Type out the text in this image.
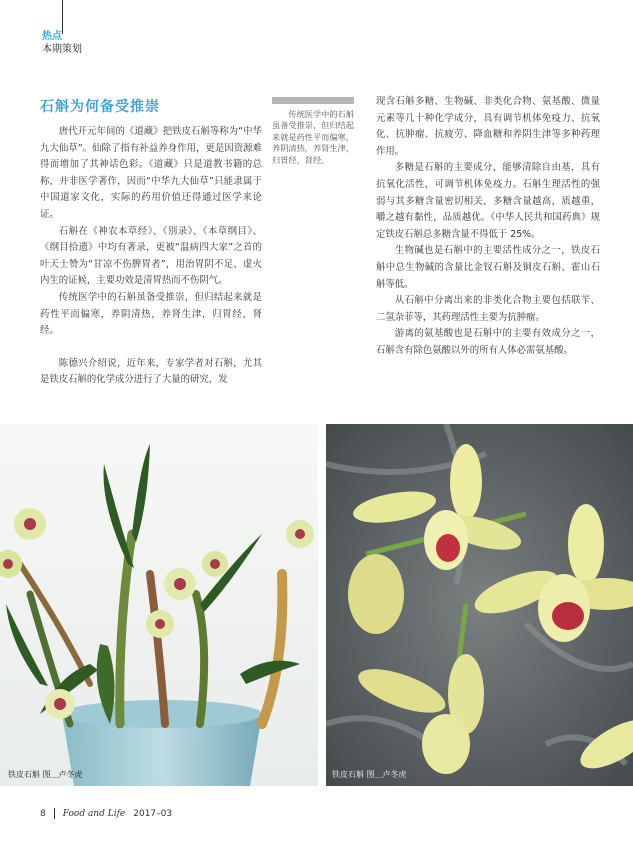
热点
本期策划
石斛为何备受推崇

唐代开元年间的《道藏》把铁皮石斛等称为“中华九大仙草”。仙除了指有补益养身作用，更是因资源难得而增加了其神话色彩。《道藏》只是道教书籍的总称，并非医学著作，因而“中华九大仙草”只能隶属于中国道家文化，实际的药用价值还得通过医学来论证。

石斛在《神农本草经》、《别录》、《本草纲目》、《纲目拾遗》中均有著录，更被“温病四大家”之首的叶天士赞为“甘凉不伤脾胃者”，用治胃阴不足、虚火内生的证候，主要功效是清胃热而不伤阴气。

传统医学中的石斛虽备受推崇，但归结起来就是药性平而偏寒，养阴清热，养肾生津，归胃经，肾经。

陈德兴介绍说，近年来，专家学者对石斛，尤其是铁皮石斛的化学成分进行了大量的研究，发

传统医学中的石斛虽备受推崇，但归结起来就是药性平而偏寒，养阴清热，养肾生津，归胃经，肾经。

现含石斛多糖、生物碱、非类化合物、氨基酸、微量元素等几十种化学成分，具有调节机体免疫力、抗氧化、抗肿瘤、抗疲劳、降血糖和养阴生津等多种药理作用。

多糖是石斛的主要成分，能够清除自由基，具有抗氧化活性，可调节机体免疫力。石斛生理活性的强弱与其多糖含量密切相关，多糖含量越高，质越重，嚼之越有黏性，品质越优。《中华人民共和国药典》规定铁皮石斛总多糖含量不得低于 25%。

生物碱也是石斛中的主要活性成分之一，铁皮石斛中总生物碱的含量比金钗石斛及铜皮石斛、霍山石斛等低。

从石斛中分离出来的非类化合物主要包括联苄、二氢杂菲等，其药理活性主要为抗肿瘤。

游离的氨基酸也是石斛中的主要有效成分之一，石斛含有除色氨酸以外的所有人体必需氨基酸。

铁皮石斛 图＿卢冬虎	铁皮石斛 图＿卢冬虎
8 Food and Life 2017–03
